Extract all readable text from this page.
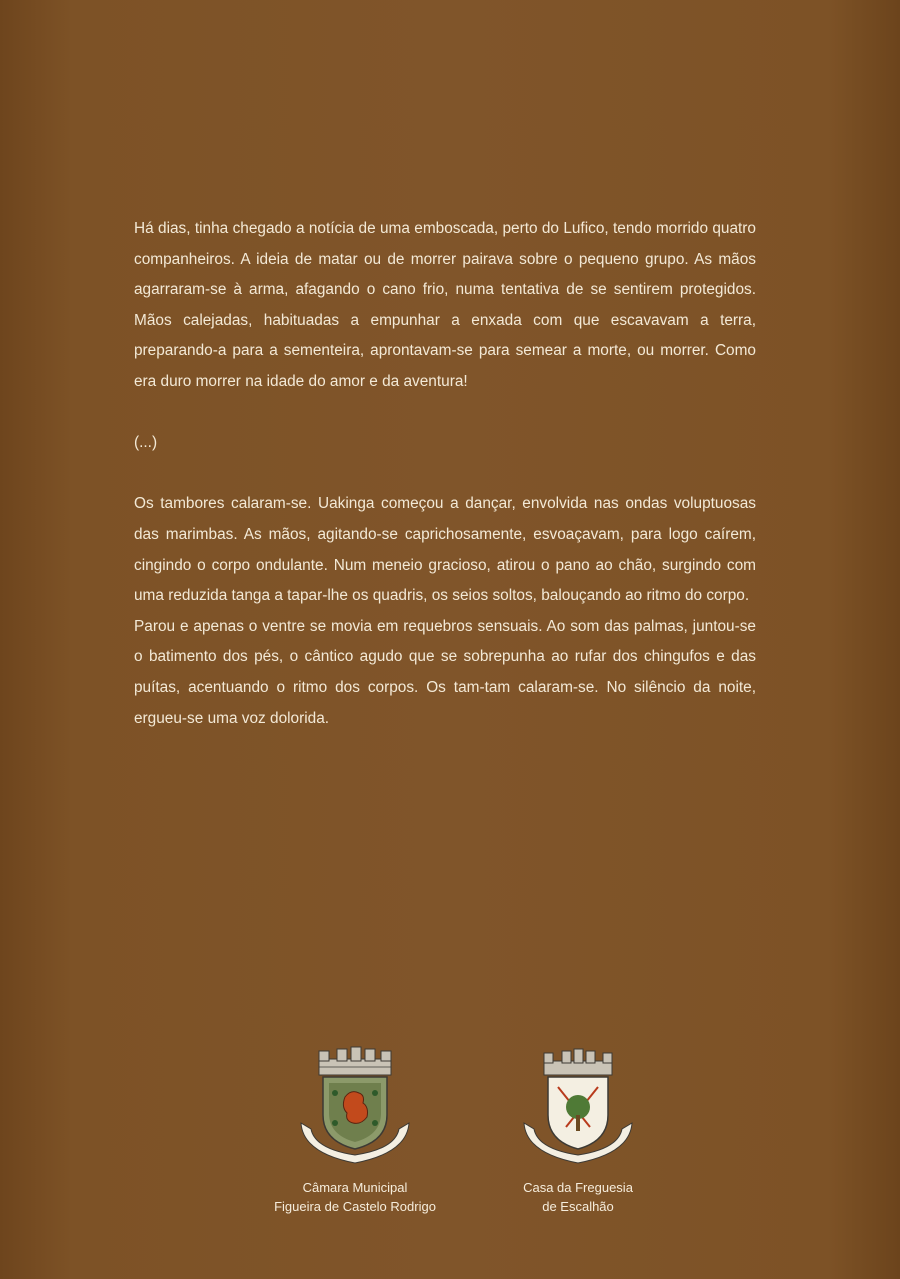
Há dias, tinha chegado a notícia de uma emboscada, perto do Lufico, tendo morrido quatro companheiros. A ideia de matar ou de morrer pairava sobre o pequeno grupo. As mãos agarraram-se à arma, afagando o cano frio, numa tentativa de se sentirem protegidos. Mãos calejadas, habituadas a empunhar a enxada com que escavavam a terra, preparando-a para a sementeira, aprontavam-se para semear a morte, ou morrer. Como era duro morrer na idade do amor e da aventura!

(...)

Os tambores calaram-se. Uakinga começou a dançar, envolvida nas ondas voluptuosas das marimbas. As mãos, agitando-se caprichosamente, esvoaçavam, para logo caírem, cingindo o corpo ondulante. Num meneio gracioso, atirou o pano ao chão, surgindo com uma reduzida tanga a tapar-lhe os quadris, os seios soltos, balouçando ao ritmo do corpo.

Parou e apenas o ventre se movia em requebros sensuais. Ao som das palmas, juntou-se o batimento dos pés, o cântico agudo que se sobrepunha ao rufar dos chingufos e das puítas, acentuando o ritmo dos corpos. Os tam-tam calaram-se. No silêncio da noite, ergueu-se uma voz dolorida.

Câmara Municipal
Figueira de Castelo Rodrigo
Casa da Freguesia
de Escalhão
